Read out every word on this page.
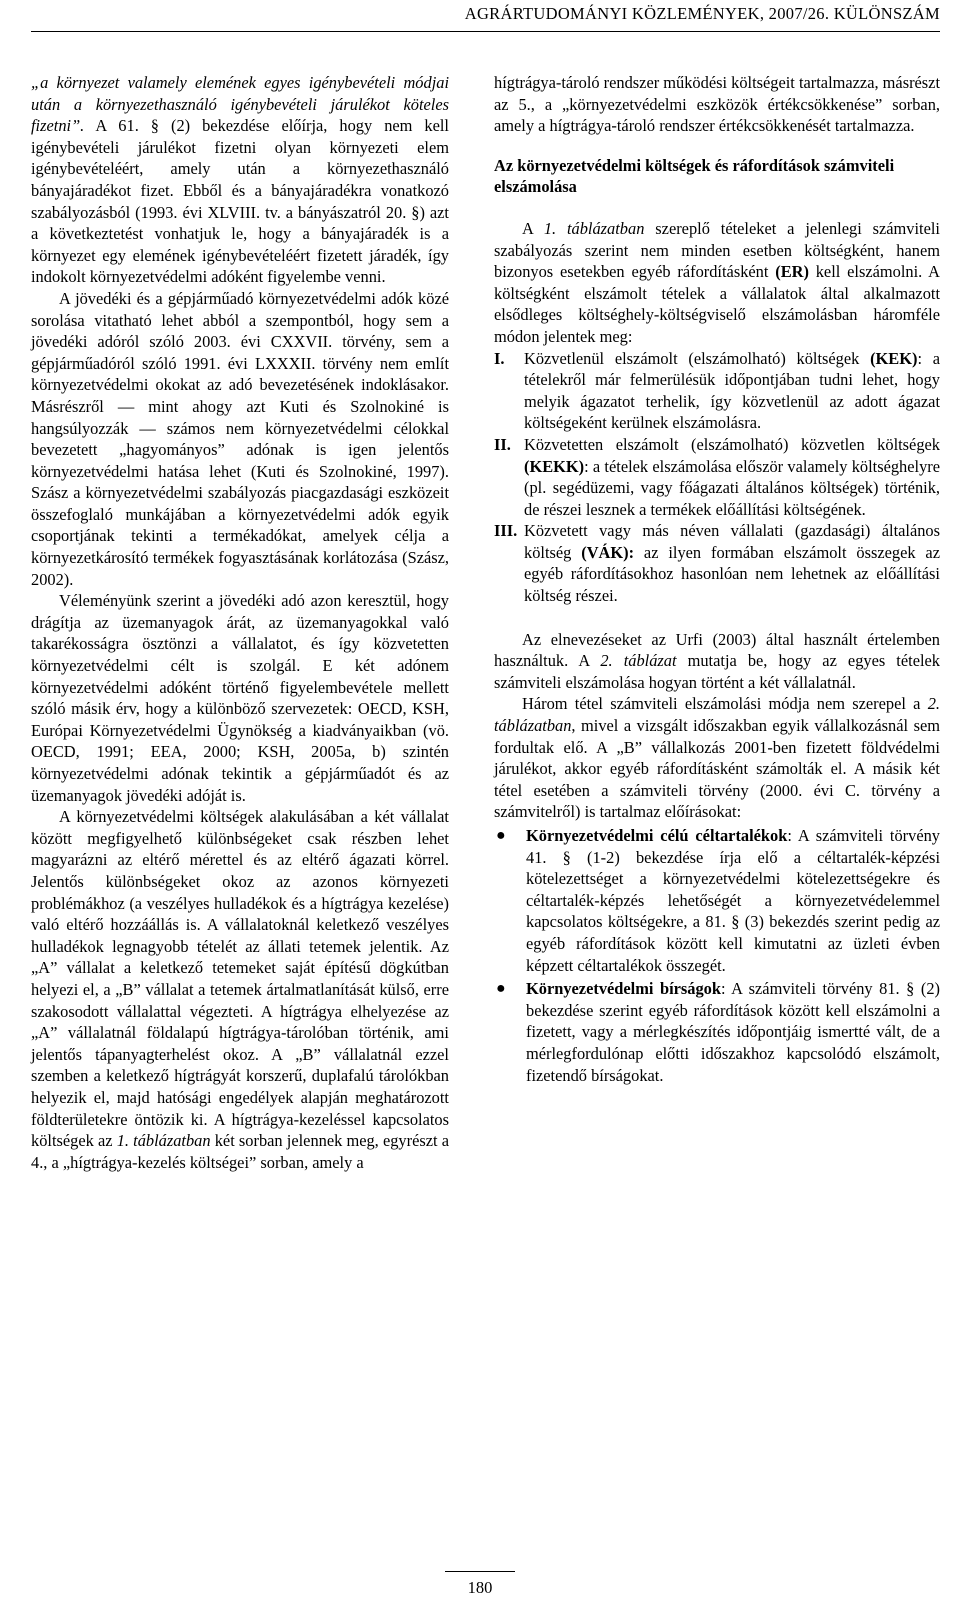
AGRÁRTUDOMÁNYI KÖZLEMÉNYEK, 2007/26. KÜLÖNSZÁM

„a környezet valamely elemének egyes igénybevételi módjai után a környezethasználó igénybevételi járulékot köteles fizetni”. A 61. § (2) bekezdése előírja, hogy nem kell igénybevételi járulékot fizetni olyan környezeti elem igénybevételéért, amely után a környezethasználó bányajáradékot fizet. Ebből és a bányajáradékra vonatkozó szabályozásból (1993. évi XLVIII. tv. a bányászatról 20. §) azt a következtetést vonhatjuk le, hogy a bányajáradék is a környezet egy elemének igénybevételéért fizetett járadék, így indokolt környezetvédelmi adóként figyelembe venni.

A jövedéki és a gépjárműadó környezetvédelmi adók közé sorolása vitatható lehet abból a szempontból, hogy sem a jövedéki adóról szóló 2003. évi CXXVII. törvény, sem a gépjárműadóról szóló 1991. évi LXXXII. törvény nem említ környezetvédelmi okokat az adó bevezetésének indoklásakor. Másrészről ― mint ahogy azt Kuti és Szolnokiné is hangsúlyozzák ― számos nem környezetvédelmi célokkal bevezetett „hagyományos” adónak is igen jelentős környezetvédelmi hatása lehet (Kuti és Szolnokiné, 1997). Szász a környezetvédelmi szabályozás piacgazdasági eszközeit összefoglaló munkájában a környezetvédelmi adók egyik csoportjának tekinti a termékadókat, amelyek célja a környezetkárosító termékek fogyasztásának korlátozása (Szász, 2002).

Véleményünk szerint a jövedéki adó azon keresztül, hogy drágítja az üzemanyagok árát, az üzemanyagokkal való takarékosságra ösztönzi a vállalatot, és így közvetetten környezetvédelmi célt is szolgál. E két adónem környezetvédelmi adóként történő figyelembevétele mellett szóló másik érv, hogy a különböző szervezetek: OECD, KSH, Európai Környezetvédelmi Ügynökség a kiadványaikban (vö. OECD, 1991; EEA, 2000; KSH, 2005a, b) szintén környezetvédelmi adónak tekintik a gépjárműadót és az üzemanyagok jövedéki adóját is.

A környezetvédelmi költségek alakulásában a két vállalat között megfigyelhető különbségeket csak részben lehet magyarázni az eltérő mérettel és az eltérő ágazati körrel. Jelentős különbségeket okoz az azonos környezeti problémákhoz (a veszélyes hulladékok és a hígtrágya kezelése) való eltérő hozzáállás is. A vállalatoknál keletkező veszélyes hulladékok legnagyobb tételét az állati tetemek jelentik. Az „A” vállalat a keletkező tetemeket saját építésű dögkútban helyezi el, a „B” vállalat a tetemek ártalmatlanítását külső, erre szakosodott vállalattal végezteti. A hígtrágya elhelyezése az „A” vállalatnál földalapú hígtrágya-tárolóban történik, ami jelentős tápanyagterhelést okoz. A „B” vállalatnál ezzel szemben a keletkező hígtrágyát korszerű, duplafalú tárolókban helyezik el, majd hatósági engedélyek alapján meghatározott földterületekre öntözik ki. A hígtrágya-kezeléssel kapcsolatos költségek az 1. táblázatban két sorban jelennek meg, egyrészt a 4., a „hígtrágya-kezelés költségei” sorban, amely a

hígtrágya-tároló rendszer működési költségeit tartalmazza, másrészt az 5., a „környezetvédelmi eszközök értékcsökkenése” sorban, amely a hígtrágya-tároló rendszer értékcsökkenését tartalmazza.

Az környezetvédelmi költségek és ráfordítások számviteli elszámolása

A 1. táblázatban szereplő tételeket a jelenlegi számviteli szabályozás szerint nem minden esetben költségként, hanem bizonyos esetekben egyéb ráfordításként (ER) kell elszámolni. A költségként elszámolt tételek a vállalatok által alkalmazott elsődleges költséghely-költségviselő elszámolásban háromféle módon jelentek meg:

I.	Közvetlenül elszámolt (elszámolható) költségek (KEK): a tételekről már felmerülésük időpontjában tudni lehet, hogy melyik ágazatot terhelik, így közvetlenül az adott ágazat költségeként kerülnek elszámolásra.
II. Közvetetten elszámolt (elszámolható) közvetlen költségek (KEKK): a tételek elszámolása először valamely költséghelyre (pl. segédüzemi, vagy főágazati általános költségek) történik, de részei lesznek a termékek előállítási költségének.
III. Közvetett vagy más néven vállalati (gazdasági) általános költség (VÁK): az ilyen formában elszámolt összegek az egyéb ráfordításokhoz hasonlóan nem lehetnek az előállítási költség részei.

Az elnevezéseket az Urfi (2003) által használt értelemben használtuk. A 2. táblázat mutatja be, hogy az egyes tételek számviteli elszámolása hogyan történt a két vállalatnál.

Három tétel számviteli elszámolási módja nem szerepel a 2. táblázatban, mivel a vizsgált időszakban egyik vállalkozásnál sem fordultak elő. A „B” vállalkozás 2001-ben fizetett földvédelmi járulékot, akkor egyéb ráfordításként számolták el. A másik két tétel esetében a számviteli törvény (2000. évi C. törvény a számvitelről) is tartalmaz előírásokat:

●	Környezetvédelmi célú céltartalékok: A számviteli törvény 41. § (1-2) bekezdése írja elő a céltartalék-képzési kötelezettséget a környezetvédelmi kötelezettségekre és céltartalék-képzés lehetőségét a környezetvédelemmel kapcsolatos költségekre, a 81. § (3) bekezdés szerint pedig az egyéb ráfordítások között kell kimutatni az üzleti évben képzett céltartalékok összegét.
●	Környezetvédelmi bírságok: A számviteli törvény 81. § (2) bekezdése szerint egyéb ráfordítások között kell elszámolni a fizetett, vagy a mérlegkészítés időpontjáig ismertté vált, de a mérlegfordulónap előtti időszakhoz kapcsolódó elszámolt, fizetendő bírságokat.
180
